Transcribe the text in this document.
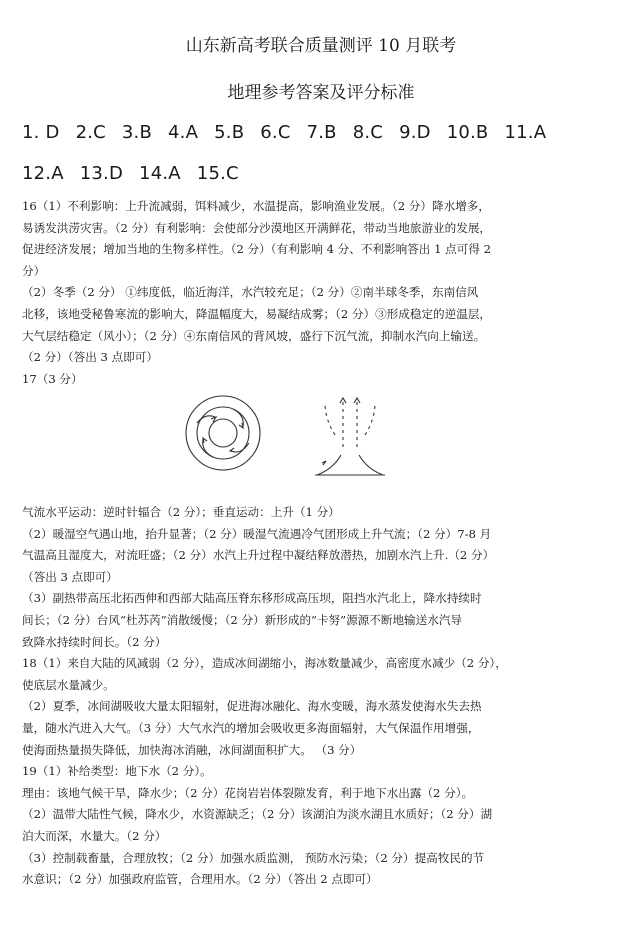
山东新高考联合质量测评 10 月联考
地理参考答案及评分标准
1. D 2.C 3.B 4.A 5.B 6.C 7.B 8.C 9.D 10.B 11.A
12.A 13.D 14.A 15.C

16（1）不利影响：上升流减弱，饵料减少，水温提高，影响渔业发展。（2 分）降水增多，

易诱发洪涝灾害。（2 分）有利影响：会使部分沙漠地区开满鲜花，带动当地旅游业的发展，

促进经济发展；增加当地的生物多样性。（2 分）（有利影响 4 分、不利影响答出 1 点可得 2

分）

（2）冬季（2 分） ①纬度低，临近海洋，水汽较充足；（2 分）②南半球冬季，东南信风

北移，该地受秘鲁寒流的影响大，降温幅度大，易凝结成雾；（2 分）③形成稳定的逆温层，

大气层结稳定（风小）；（2 分）④东南信风的背风坡，盛行下沉气流，抑制水汽向上输送。

（2 分）（答出 3 点即可）

17（3 分）

气流水平运动：逆时针辐合（2 分）；垂直运动：上升（1 分）

（2）暖湿空气遇山地，抬升显著；（2 分）暖湿气流遇冷气团形成上升气流；（2 分）7-8 月

气温高且湿度大，对流旺盛；（2 分）水汽上升过程中凝结释放潜热，加剧水汽上升.（2 分）

（答出 3 点即可）

（3）副热带高压北拓西伸和西部大陆高压脊东移形成高压坝，阻挡水汽北上，降水持续时

间长；（2 分）台风“杜苏芮”消散缓慢；（2 分）新形成的“卡努”源源不断地输送水汽导

致降水持续时间长。（2 分）

18（1）来自大陆的风减弱（2 分），造成冰间湖缩小，海冰数量减少，高密度水减少（2 分），

使底层水量减少。

（2）夏季，冰间湖吸收大量太阳辐射，促进海冰融化、海水变暖，海水蒸发使海水失去热

量，随水汽进入大气。（3 分）大气水汽的增加会吸收更多海面辐射，大气保温作用增强，

使海面热量损失降低，加快海冰消融，冰间湖面积扩大。 （3 分）

19（1）补给类型：地下水（2 分）。

理由：该地气候干旱，降水少；（2 分）花岗岩岩体裂隙发育，利于地下水出露（2 分）。

（2）温带大陆性气候，降水少，水资源缺乏；（2 分）该湖泊为淡水湖且水质好；（2 分）湖

泊大而深，水量大。（2 分）

（3）控制载畜量，合理放牧；（2 分）加强水质监测， 预防水污染；（2 分）提高牧民的节

水意识；（2 分）加强政府监管，合理用水。（2 分）（答出 2 点即可）
